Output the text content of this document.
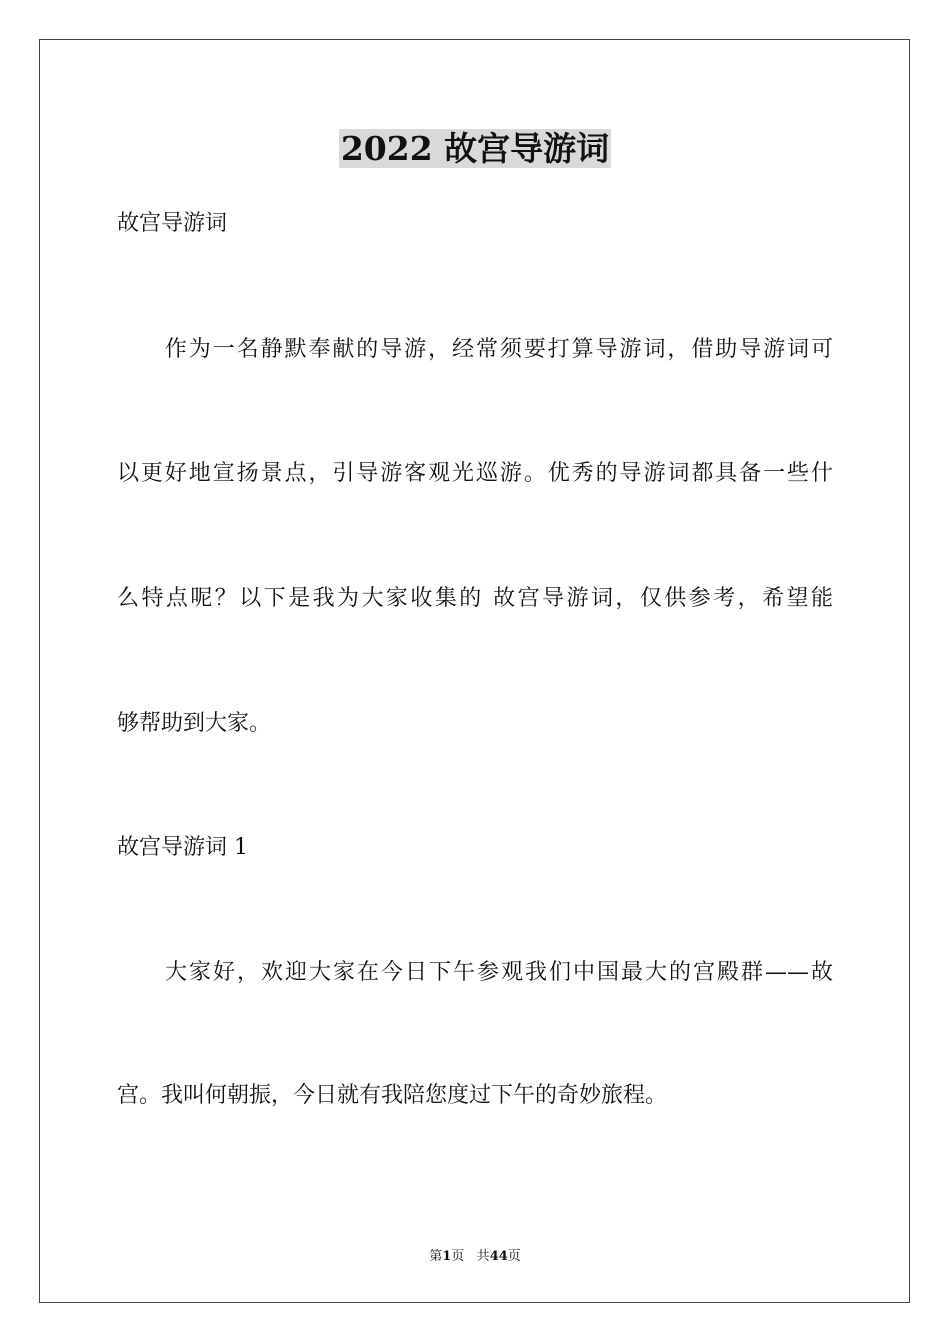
2022 故宫导游词

故宫导游词

　　作为一名静默奉献的导游，经常须要打算导游词，借助导游词可

以更好地宣扬景点，引导游客观光巡游。优秀的导游词都具备一些什

么特点呢？以下是我为大家收集的 故宫导游词，仅供参考，希望能

够帮助到大家。

故宫导游词 1

　　大家好，欢迎大家在今日下午参观我们中国最大的宫殿群——故

宫。我叫何朝振，今日就有我陪您度过下午的奇妙旅程。

第1页 共44页
